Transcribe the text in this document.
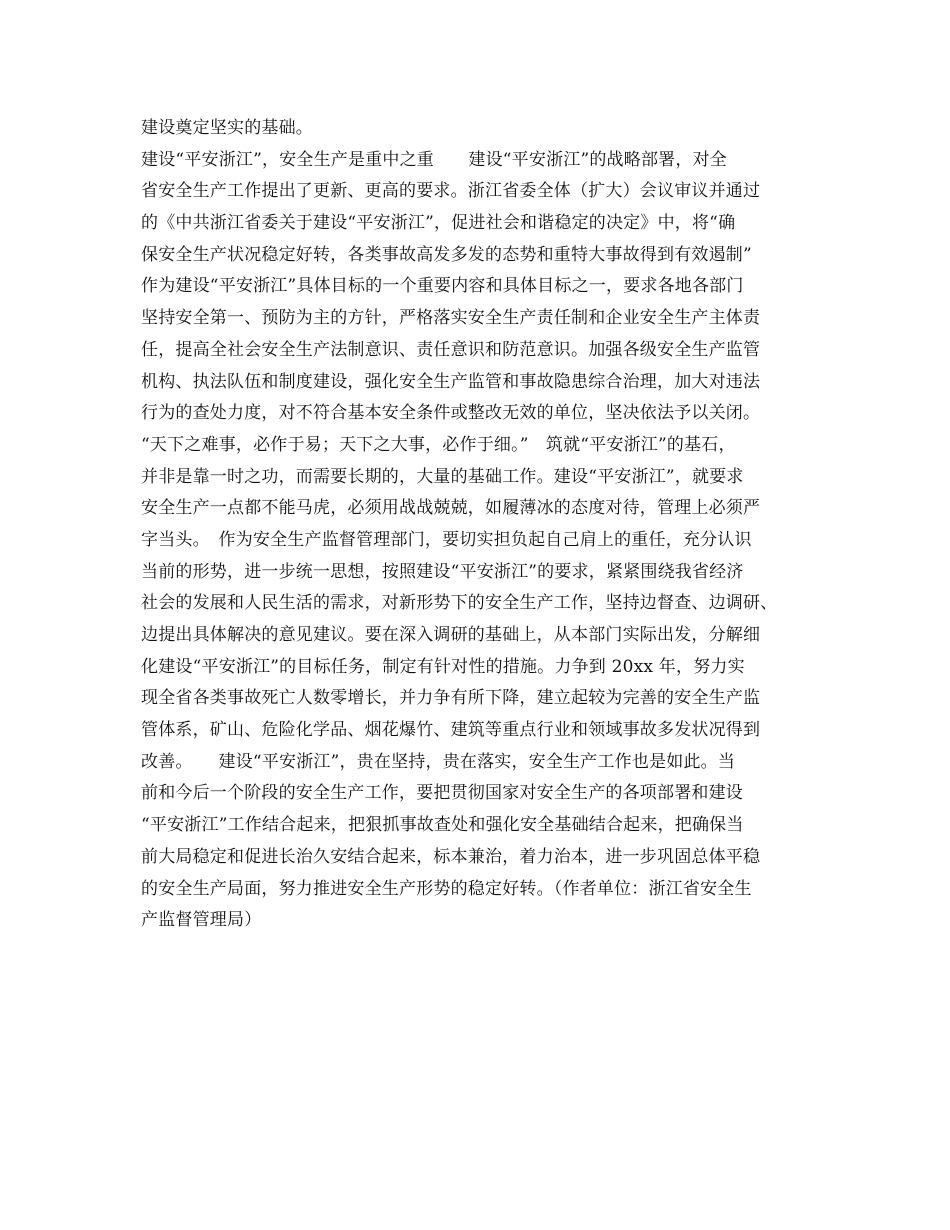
建设奠定坚实的基础。
建设“平安浙江”，安全生产是重中之重　　建设“平安浙江”的战略部署，对全
省安全生产工作提出了更新、更高的要求。浙江省委全体（扩大）会议审议并通过
的《中共浙江省委关于建设“平安浙江”，促进社会和谐稳定的决定》中，将“确
保安全生产状况稳定好转，各类事故高发多发的态势和重特大事故得到有效遏制”
作为建设“平安浙江”具体目标的一个重要内容和具体目标之一，要求各地各部门
坚持安全第一、预防为主的方针，严格落实安全生产责任制和企业安全生产主体责
任，提高全社会安全生产法制意识、责任意识和防范意识。加强各级安全生产监管
机构、执法队伍和制度建设，强化安全生产监管和事故隐患综合治理，加大对违法
行为的查处力度，对不符合基本安全条件或整改无效的单位，坚决依法予以关闭。
“天下之难事，必作于易；天下之大事，必作于细。”　筑就“平安浙江”的基石，
并非是靠一时之功，而需要长期的，大量的基础工作。建设“平安浙江”，就要求
安全生产一点都不能马虎，必须用战战兢兢，如履薄冰的态度对待，管理上必须严
字当头。　作为安全生产监督管理部门，要切实担负起自己肩上的重任，充分认识
当前的形势，进一步统一思想，按照建设“平安浙江”的要求，紧紧围绕我省经济
社会的发展和人民生活的需求，对新形势下的安全生产工作，坚持边督查、边调研、
边提出具体解决的意见建议。要在深入调研的基础上，从本部门实际出发，分解细
化建设“平安浙江”的目标任务，制定有针对性的措施。力争到 20xx 年，努力实
现全省各类事故死亡人数零增长，并力争有所下降，建立起较为完善的安全生产监
管体系，矿山、危险化学品、烟花爆竹、建筑等重点行业和领域事故多发状况得到
改善。　　建设“平安浙江”，贵在坚持，贵在落实，安全生产工作也是如此。当
前和今后一个阶段的安全生产工作，要把贯彻国家对安全生产的各项部署和建设
“平安浙江”工作结合起来，把狠抓事故查处和强化安全基础结合起来，把确保当
前大局稳定和促进长治久安结合起来，标本兼治，着力治本，进一步巩固总体平稳
的安全生产局面，努力推进安全生产形势的稳定好转。（作者单位：浙江省安全生
产监督管理局）
